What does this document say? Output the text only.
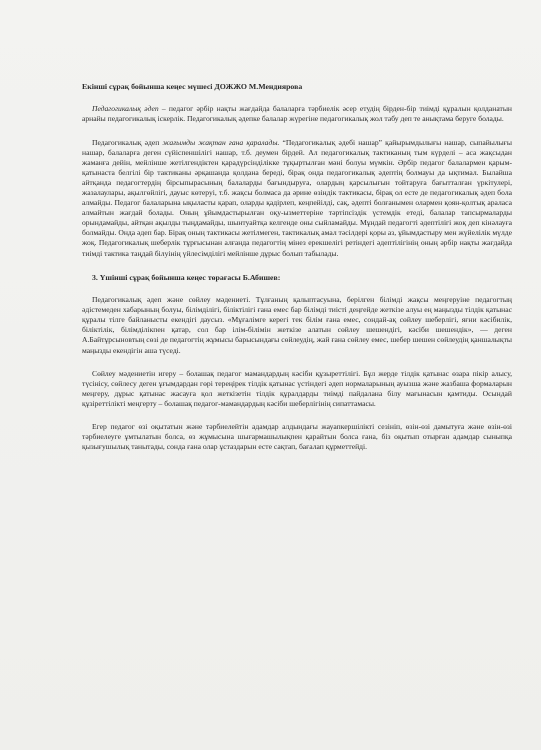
Екінші сұрақ бойынша кеңес мүшесі ДОЖЖО М.Мендиярова

Педагогикалық әдеп – педагог әрбір нақты жағдайда балаларға тәрбиелік әсер етудің бірден-бір тиімді құралын қолданатын арнайы педагогикалық іскерлік. Педагогикалық әдепке балалар жүрегіне педагогикалық жол табу деп те анықтама беруге болады.

Педагогикалық әдеп жағымды жақтан ғана қаралады. “Педагогикалық әдебі нашар” қайырымдылығы нашар, сыпайылығы нашар, балаларға деген сүйіспеншілігі нашар, т.б. деумен бірдей. Ал педагогикалық тактиканың тым күрделі – аса жақсыдан жаманға дейін, мейлінше жетілгендіктен қарадүрсінділікке тұқыртылған мәні болуы мүмкін. Әрбір педагог балалармен қарым-қатынаста белгілі бір тактиканы әрқашанда қолдана береді, бірақ онда педагогикалық әдептің болмауы да ықтимал. Былайша айтқанда педагогтердің бірсыпырасының балаларды бағындыруға, олардың қарсылығын тойтаруға бағытталған үркітулері, жазалаулары, ақылгөйлігі, дауыс көтеруі, т.б. жақсы болмаса да әрине өзіндік тактикасы, бірақ ол есте де педагогикалық әдеп бола алмайды. Педагог балаларына ықыласты қарап, оларды қадірлеп, кеңпейілді, сақ, әдепті болғанымен олармен қоян-қолтық араласа алмайтын жағдай болады. Оның ұйымдастырылған оқу-ызметтеріне тәртіпсіздік үстемдік етеді, балалар тапсырмаларды орындамайды, айтқан ақылды тыңдамайды, шынтуайтқа келгенде оны сыйламайды. Мұндай педагогті әдептілігі жоқ деп кінәлауға болмайды. Онда әдеп бар. Бірақ оның тактикасы жетілмеген, тактикалық амал тәсілдері қоры аз, ұйымдастыру мен жүйелілік мүлде жоқ. Педагогикалық шеберлік тұрғысынан алғанда педагогтің мінез ерекшелігі ретіндегі әдептілігінің оның әрбір нақты жағдайда тиімді тактика таңдай білуінің үйлесімділігі мейлінше дұрыс болып табылады.

3. Үшінші сұрақ бойынша кеңес төрағасы Б.Абишев:

Педагогикалық әдеп және сөйлеу мәдениеті. Тұлғаның қалыптасуына, берілген білімді жақсы меңгеруіне педагогтың әдістемеден хабарының болуы, білімділігі, біліктілігі ғана емес бар білімді тиісті деңгейде жеткізе алуы ең маңызды тілдік қатынас құралы тілге байланысты екендігі даусыз. «Мұғалімге керегі тек білім ғана емес, сондай-ақ сөйлеу шеберлігі, яғни кәсібилік, біліктілік, білімділікпен қатар, сол бар ілім-білімін жеткізе алатын сөйлеу шешендігі, кәсіби шешендік», — деген А.Байтұрсыновтың сөзі де педагогтің жұмысы барысындағы сөйлеудің, жай ғана сөйлеу емес, шебер шешен сөйлеудің қаншалықты маңызды екендігін аша түседі.

Сөйлеу мәдениетін игеру – болашақ педагог мамандардың кәсіби құзыреттілігі. Бұл жерде тілдік қатынас өзара пікір алысу, түсінісу, сөйлесу деген ұғымдардан гөрі тереңірек тілдік қатынас үстіндегі әдеп нормаларының ауызша және жазбаша формаларын меңгеру, дұрыс қатынас жасауға қол жеткізетін тілдік құралдарды тиімді пайдалана білу мағынасын қамтиды. Осындай құзіреттілікті меңгерту – болашақ педагог-мамандардың кәсіби шеберлігінің сипаттамасы.

Егер педагог өзі оқытатын және тәрбиелейтін адамдар алдындағы жауапкершілікті сезініп, өзін-өзі дамытуға және өзін-өзі тәрбиелеуге ұмтылатын болса, өз жұмысына шығармашылықпен қарайтын болса ғана, біз оқытып отырған адамдар сыныпқа қызығушылық танытады, сонда ғана олар ұстаздарын есте сақтап, бағалап құрметтейді.
